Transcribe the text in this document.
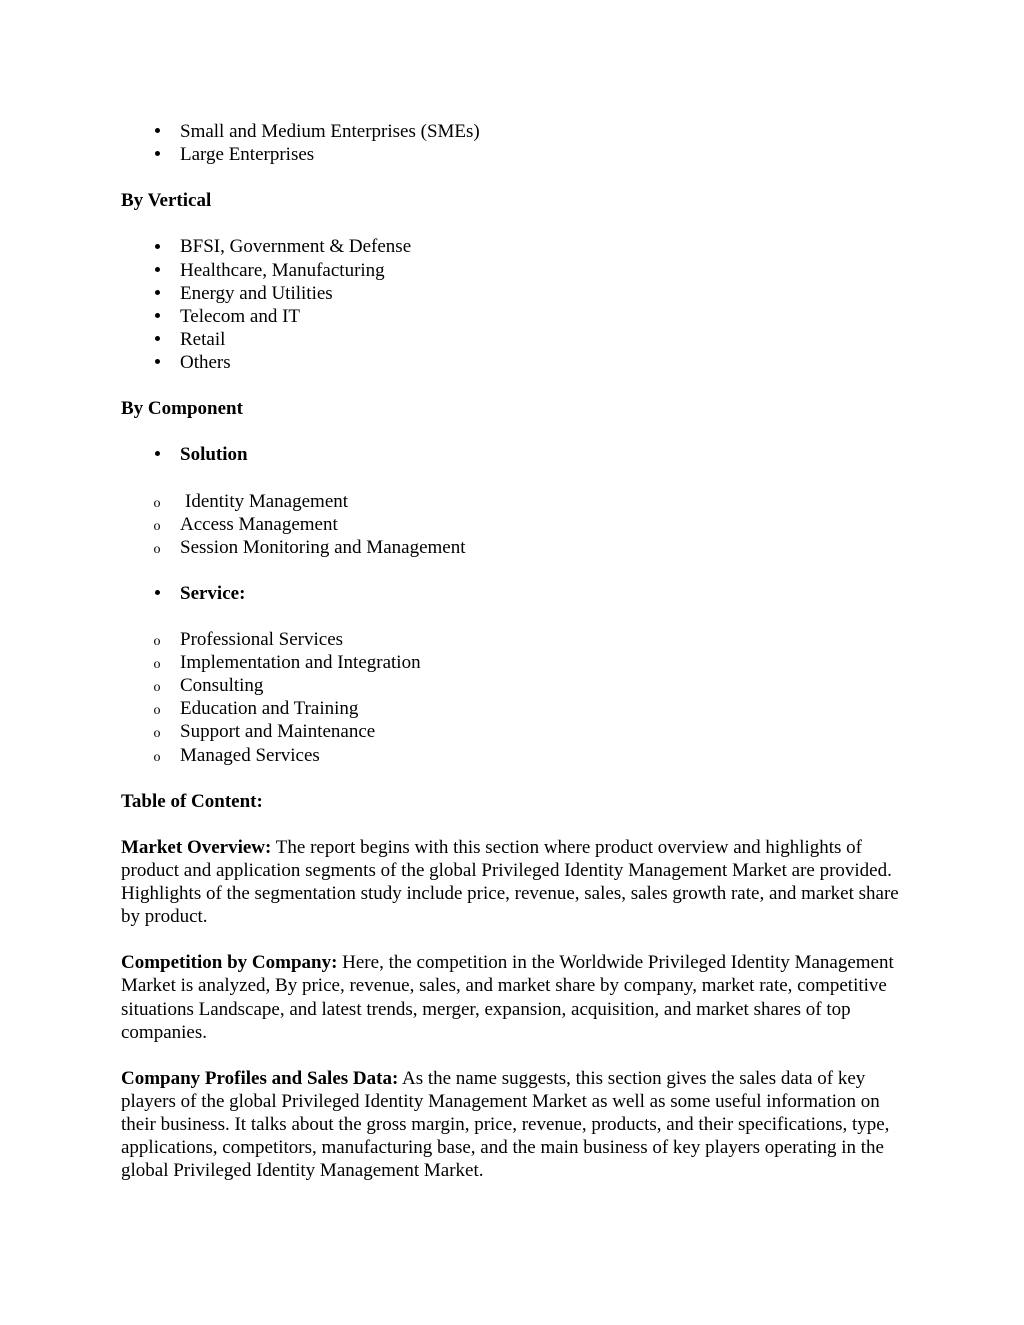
Small and Medium Enterprises (SMEs)
Large Enterprises
By Vertical
BFSI, Government & Defense
Healthcare, Manufacturing
Energy and Utilities
Telecom and IT
Retail
Others
By Component
Solution
o Identity Management
o Access Management
o Session Monitoring and Management
Service:
o Professional Services
o Implementation and Integration
o Consulting
o Education and Training
o Support and Maintenance
o Managed Services
Table of Content:

Market Overview: The report begins with this section where product overview and highlights of product and application segments of the global Privileged Identity Management Market are provided. Highlights of the segmentation study include price, revenue, sales, sales growth rate, and market share by product.

Competition by Company: Here, the competition in the Worldwide Privileged Identity Management Market is analyzed, By price, revenue, sales, and market share by company, market rate, competitive situations Landscape, and latest trends, merger, expansion, acquisition, and market shares of top companies.

Company Profiles and Sales Data: As the name suggests, this section gives the sales data of key players of the global Privileged Identity Management Market as well as some useful information on their business. It talks about the gross margin, price, revenue, products, and their specifications, type, applications, competitors, manufacturing base, and the main business of key players operating in the global Privileged Identity Management Market.
